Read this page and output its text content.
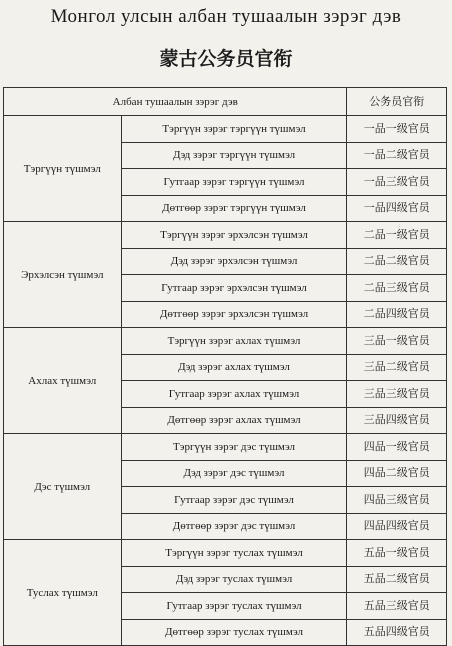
Монгол улсын албан тушаалын зэрэг дэв
蒙古公务员官衔
Албан тушаалын зэрэг дэв		公务员官衔
Тэргүүн түшмэл	Тэргүүн зэрэг тэргүүн түшмэл	一品一级官员
	Дэд зэрэг тэргүүн түшмэл	一品二级官员
	Гутгаар зэрэг тэргүүн түшмэл	一品三级官员
	Дөтгөөр зэрэг тэргүүн түшмэл	一品四级官员
Эрхэлсэн түшмэл	Тэргүүн зэрэг эрхэлсэн түшмэл	二品一级官员
	Дэд зэрэг эрхэлсэн түшмэл	二品二级官员
	Гутгаар зэрэг эрхэлсэн түшмэл	二品三级官员
	Дөтгөөр зэрэг эрхэлсэн түшмэл	二品四级官员
Ахлах түшмэл	Тэргүүн зэрэг ахлах түшмэл	三品一级官员
	Дэд зэрэг ахлах түшмэл	三品二级官员
	Гутгаар зэрэг ахлах түшмэл	三品三级官员
	Дөтгөөр зэрэг ахлах түшмэл	三品四级官员
Дэс түшмэл	Тэргүүн зэрэг дэс түшмэл	四品一级官员
	Дэд зэрэг дэс түшмэл	四品二级官员
	Гутгаар зэрэг дэс түшмэл	四品三级官员
	Дөтгөөр зэрэг дэс түшмэл	四品四级官员
Туслах түшмэл	Тэргүүн зэрэг туслах түшмэл	五品一级官员
	Дэд зэрэг туслах түшмэл	五品二级官员
	Гутгаар зэрэг туслах түшмэл	五品三级官员
	Дөтгөөр зэрэг туслах түшмэл	五品四级官员
